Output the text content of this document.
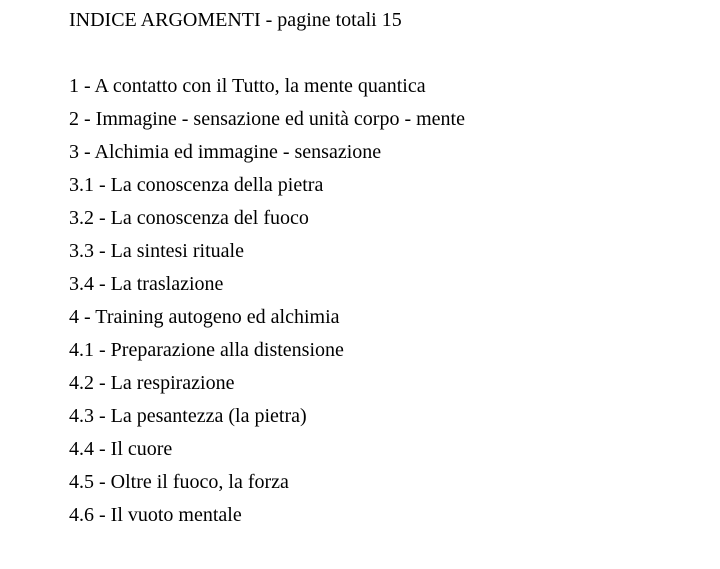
INDICE ARGOMENTI - pagine totali 15
1 - A contatto con il Tutto, la mente quantica
2 - Immagine - sensazione ed unità corpo - mente
3 - Alchimia ed immagine - sensazione
3.1 - La conoscenza della pietra
3.2 - La conoscenza del fuoco
3.3 - La sintesi rituale
3.4 - La traslazione
4 - Training autogeno ed alchimia
4.1 - Preparazione alla distensione
4.2 - La respirazione
4.3 - La pesantezza (la pietra)
4.4 - Il cuore
4.5 - Oltre il fuoco, la forza
4.6 - Il vuoto mentale
